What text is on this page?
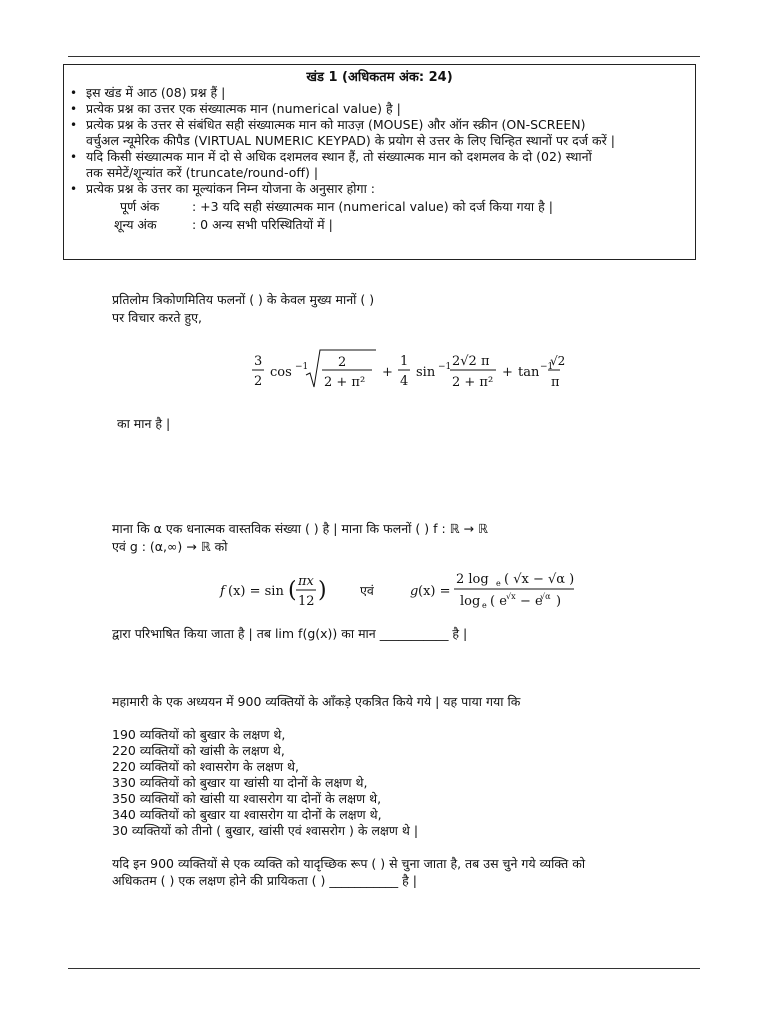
खंड 1 (अधिकतम अंक: 24)
• इस खंड में आठ (08) प्रश्न हैं |
• प्रत्येक प्रश्न का उत्तर एक संख्यात्मक मान (numerical value) है |
• प्रत्येक प्रश्न के उत्तर से संबंधित सही संख्यात्मक मान को माउज़ (MOUSE) और ऑन स्क्रीन (ON-SCREEN)
वर्चुअल न्यूमेरिक कीपैड (VIRTUAL NUMERIC KEYPAD) के प्रयोग से उत्तर के लिए चिन्हित स्थानों पर दर्ज करें |
• यदि किसी संख्यात्मक मान में दो से अधिक दशमलव स्थान हैं, तो संख्यात्मक मान को दशमलव के दो (02) स्थानों
तक समेटें/शून्यांत करें (truncate/round-off) |
• प्रत्येक प्रश्न के उत्तर का मूल्यांकन निम्न योजना के अनुसार होगा :
पूर्ण अंक	: +3 यदि सही संख्यात्मक मान (numerical value) को दर्ज किया गया है |
शून्य अंक	: 0 अन्य सभी परिस्थितियों में |
प्रतिलोम त्रिकोणमितिय फलनों ( ) के केवल मुख्य मानों ( )
पर विचार करते हुए,
3
2
cos −1 2
2 + π²
+
1
4
sin −1 2√2 π
2 + π²
+ tan −1
√2
π
का मान है |
माना कि α एक धनात्मक वास्तविक संख्या ( ) है | माना कि फलनों ( ) f : ℝ → ℝ
एवं g : (α,∞) → ℝ को
f (x) = sin ( πx
12 )	g (x) =
2 log e ( √x − √α )
log e ( e √x − e
√α )
एवं
द्वारा परिभाषित किया जाता है | तब lim f(g(x)) का मान ___________ है |
महामारी के एक अध्ययन में 900 व्यक्तियों के आँकड़े एकत्रित किये गये | यह पाया गया कि
190 व्यक्तियों को बुखार के लक्षण थे,
220 व्यक्तियों को खांसी के लक्षण थे,
220 व्यक्तियों को श्वासरोग के लक्षण थे,
330 व्यक्तियों को बुखार या खांसी या दोनों के लक्षण थे,
350 व्यक्तियों को खांसी या श्वासरोग या दोनों के लक्षण थे,
340 व्यक्तियों को बुखार या श्वासरोग या दोनों के लक्षण थे,
30 व्यक्तियों को तीनो ( बुखार, खांसी एवं श्वासरोग ) के लक्षण थे |
यदि इन 900 व्यक्तियों से एक व्यक्ति को यादृच्छिक रूप ( ) से चुना जाता है, तब उस चुने गये व्यक्ति को
अधिकतम ( ) एक लक्षण होने की प्रायिकता ( ) ___________ है |
